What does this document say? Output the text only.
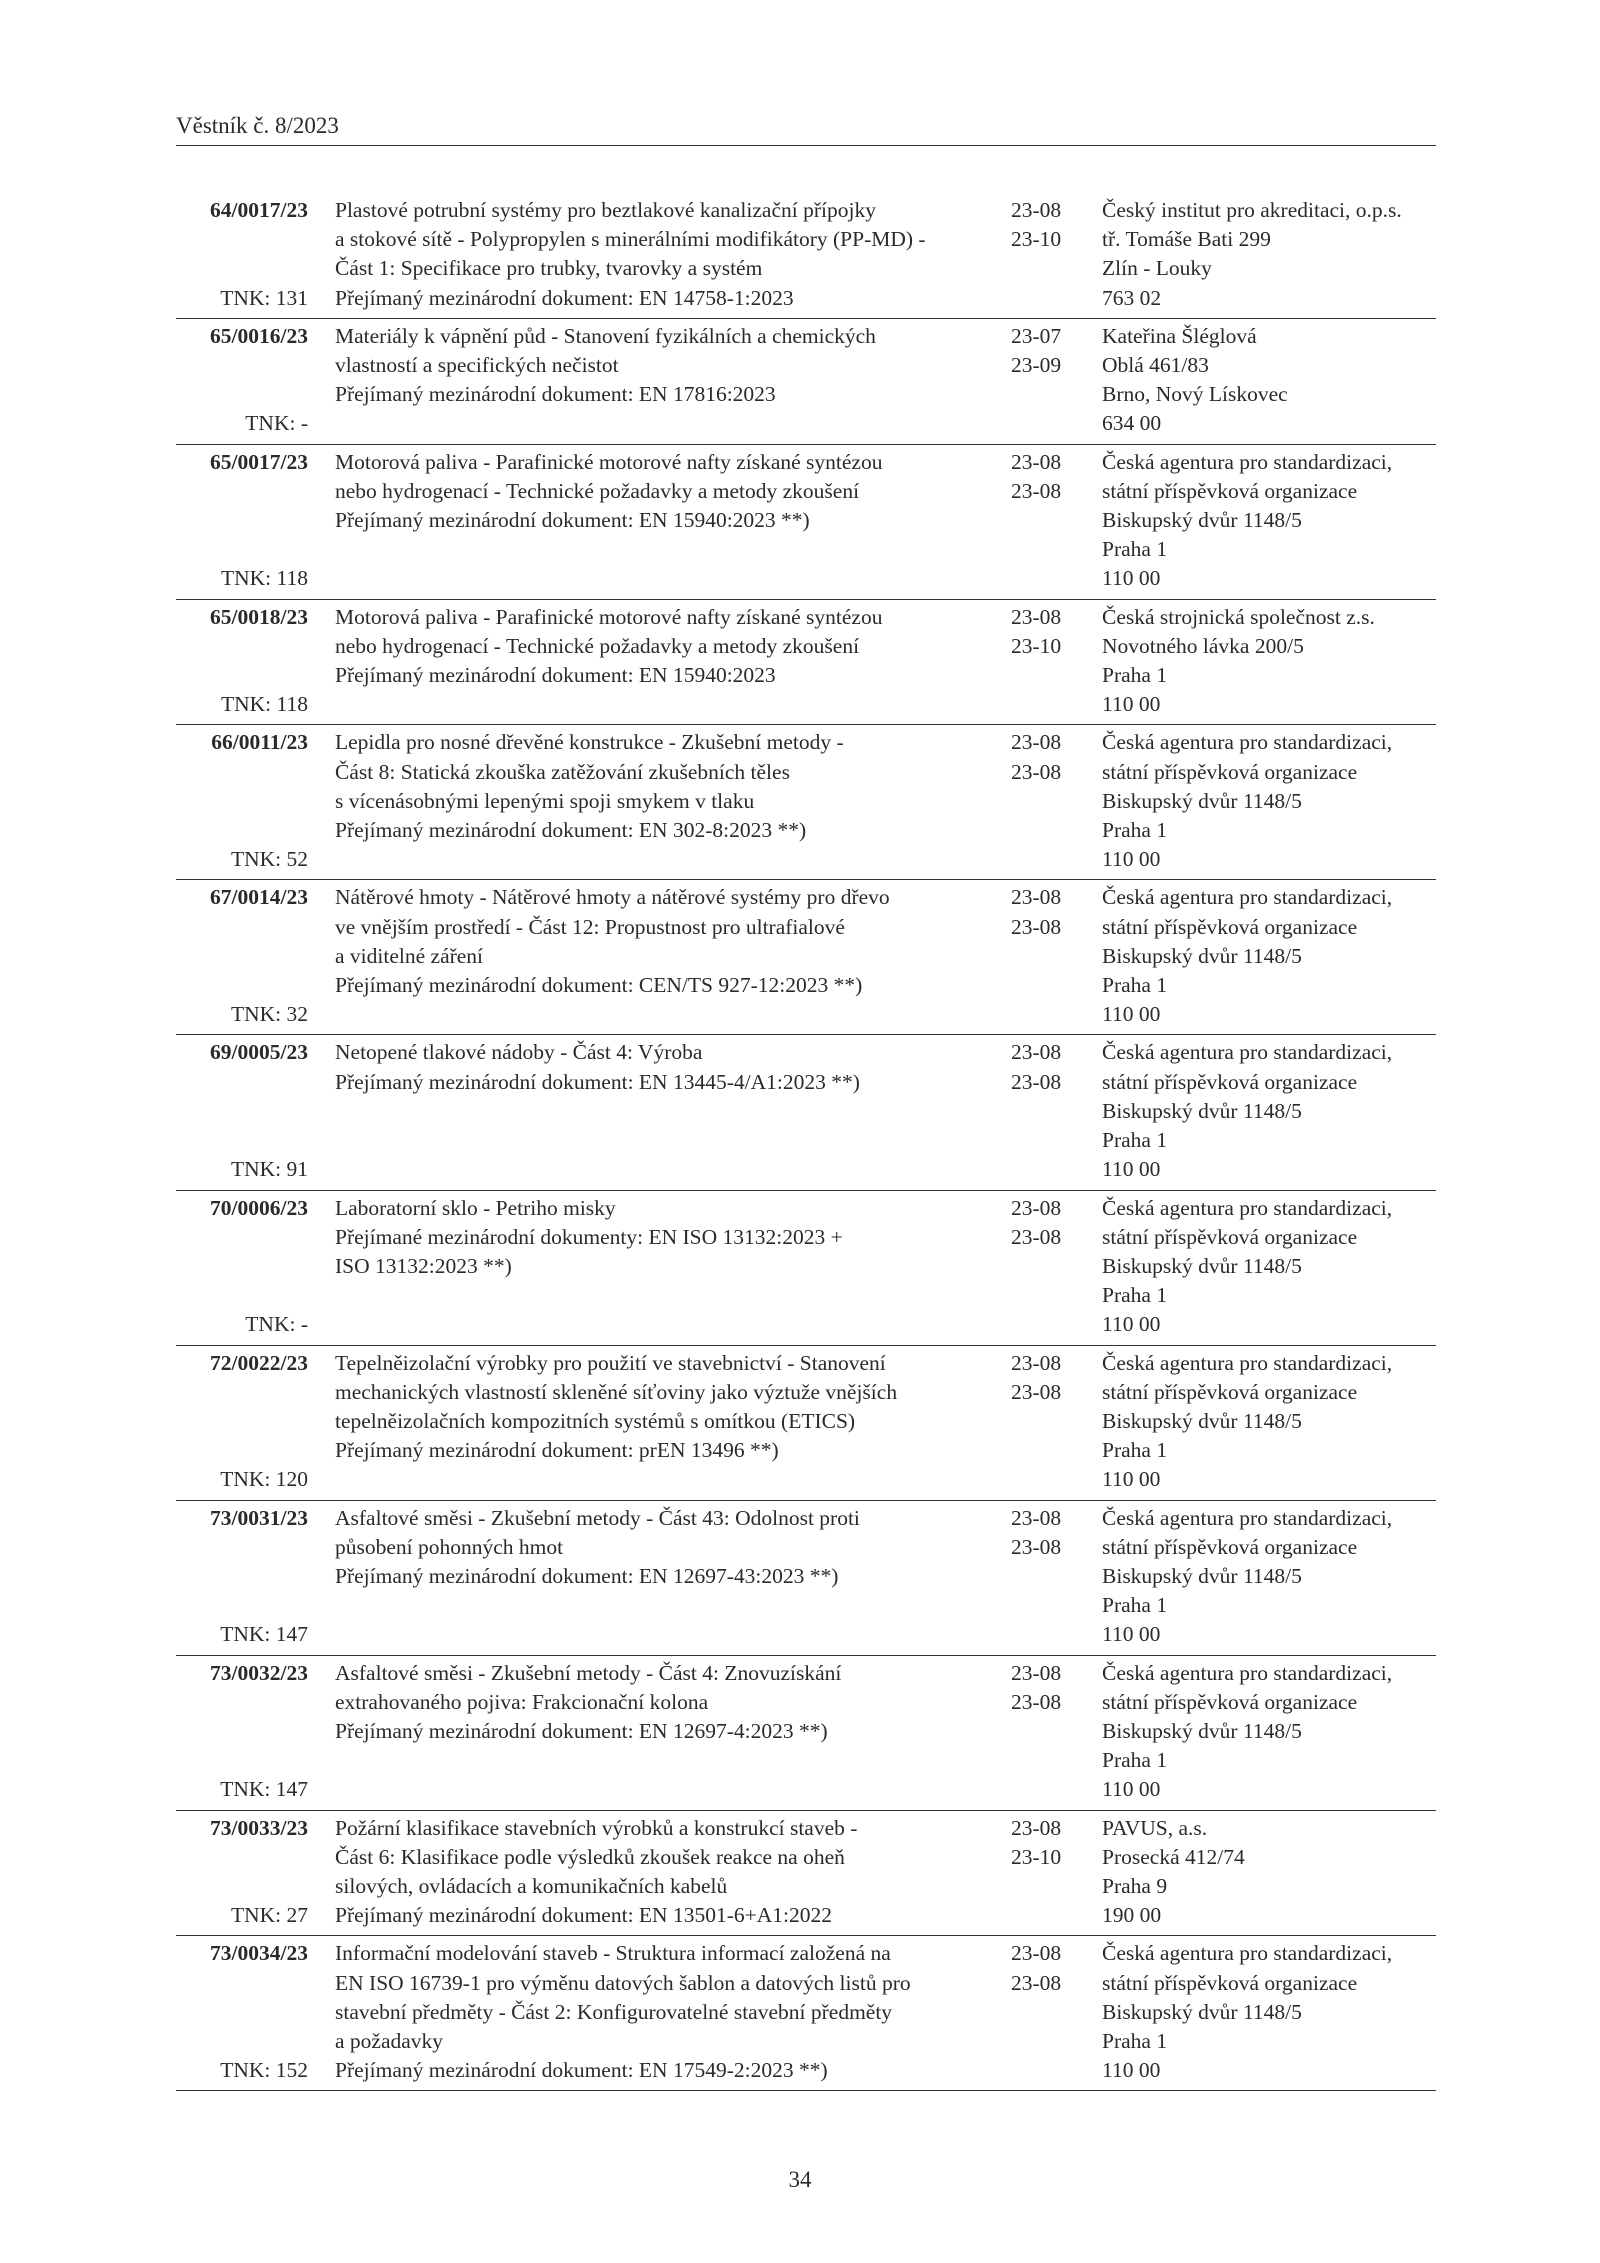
Věstník č. 8/2023
64/0017/23
TNK: 131
Plastové potrubní systémy pro beztlakové kanalizační přípojky
a stokové sítě - Polypropylen s minerálními modifikátory (PP-MD) -
Část 1: Specifikace pro trubky, tvarovky a systém
Přejímaný mezinárodní dokument: EN 14758-1:2023
23-08
23-10
Český institut pro akreditaci, o.p.s.
tř. Tomáše Bati 299
Zlín - Louky
763 02
65/0016/23
TNK: -
Materiály k vápnění půd - Stanovení fyzikálních a chemických
vlastností a specifických nečistot
Přejímaný mezinárodní dokument: EN 17816:2023
23-07
23-09
Kateřina Šléglová
Oblá 461/83
Brno, Nový Lískovec
634 00
65/0017/23
TNK: 118
Motorová paliva - Parafinické motorové nafty získané syntézou
nebo hydrogenací - Technické požadavky a metody zkoušení
Přejímaný mezinárodní dokument: EN 15940:2023 **)
23-08
23-08
Česká agentura pro standardizaci,
státní příspěvková organizace
Biskupský dvůr 1148/5
Praha 1
110 00
65/0018/23
TNK: 118
Motorová paliva - Parafinické motorové nafty získané syntézou
nebo hydrogenací - Technické požadavky a metody zkoušení
Přejímaný mezinárodní dokument: EN 15940:2023
23-08
23-10
Česká strojnická společnost z.s.
Novotného lávka 200/5
Praha 1
110 00
66/0011/23
TNK: 52
Lepidla pro nosné dřevěné konstrukce - Zkušební metody -
Část 8: Statická zkouška zatěžování zkušebních těles
s vícenásobnými lepenými spoji smykem v tlaku
Přejímaný mezinárodní dokument: EN 302-8:2023 **)
23-08
23-08
Česká agentura pro standardizaci,
státní příspěvková organizace
Biskupský dvůr 1148/5
Praha 1
110 00
67/0014/23
TNK: 32
Nátěrové hmoty - Nátěrové hmoty a nátěrové systémy pro dřevo
ve vnějším prostředí - Část 12: Propustnost pro ultrafialové
a viditelné záření
Přejímaný mezinárodní dokument: CEN/TS 927-12:2023 **)
23-08
23-08
Česká agentura pro standardizaci,
státní příspěvková organizace
Biskupský dvůr 1148/5
Praha 1
110 00
69/0005/23
TNK: 91
Netopené tlakové nádoby - Část 4: Výroba
Přejímaný mezinárodní dokument: EN 13445-4/A1:2023 **)
23-08
23-08
Česká agentura pro standardizaci,
státní příspěvková organizace
Biskupský dvůr 1148/5
Praha 1
110 00
70/0006/23
TNK: -
Laboratorní sklo - Petriho misky
Přejímané mezinárodní dokumenty: EN ISO 13132:2023 +
ISO 13132:2023 **)
23-08
23-08
Česká agentura pro standardizaci,
státní příspěvková organizace
Biskupský dvůr 1148/5
Praha 1
110 00
72/0022/23
TNK: 120
Tepelněizolační výrobky pro použití ve stavebnictví - Stanovení
mechanických vlastností skleněné síťoviny jako výztuže vnějších
tepelněizolačních kompozitních systémů s omítkou (ETICS)
Přejímaný mezinárodní dokument: prEN 13496 **)
23-08
23-08
Česká agentura pro standardizaci,
státní příspěvková organizace
Biskupský dvůr 1148/5
Praha 1
110 00
73/0031/23
TNK: 147
Asfaltové směsi - Zkušební metody - Část 43: Odolnost proti
působení pohonných hmot
Přejímaný mezinárodní dokument: EN 12697-43:2023 **)
23-08
23-08
Česká agentura pro standardizaci,
státní příspěvková organizace
Biskupský dvůr 1148/5
Praha 1
110 00
73/0032/23
TNK: 147
Asfaltové směsi - Zkušební metody - Část 4: Znovuzískání
extrahovaného pojiva: Frakcionační kolona
Přejímaný mezinárodní dokument: EN 12697-4:2023 **)
23-08
23-08
Česká agentura pro standardizaci,
státní příspěvková organizace
Biskupský dvůr 1148/5
Praha 1
110 00
73/0033/23
TNK: 27
Požární klasifikace stavebních výrobků a konstrukcí staveb -
Část 6: Klasifikace podle výsledků zkoušek reakce na oheň
silových, ovládacích a komunikačních kabelů
Přejímaný mezinárodní dokument: EN 13501-6+A1:2022
23-08
23-10
PAVUS, a.s.
Prosecká 412/74
Praha 9
190 00
73/0034/23
TNK: 152
Informační modelování staveb - Struktura informací založená na
EN ISO 16739-1 pro výměnu datových šablon a datových listů pro
stavební předměty - Část 2: Konfigurovatelné stavební předměty
a požadavky
Přejímaný mezinárodní dokument: EN 17549-2:2023 **)
23-08
23-08
Česká agentura pro standardizaci,
státní příspěvková organizace
Biskupský dvůr 1148/5
Praha 1
110 00
34
